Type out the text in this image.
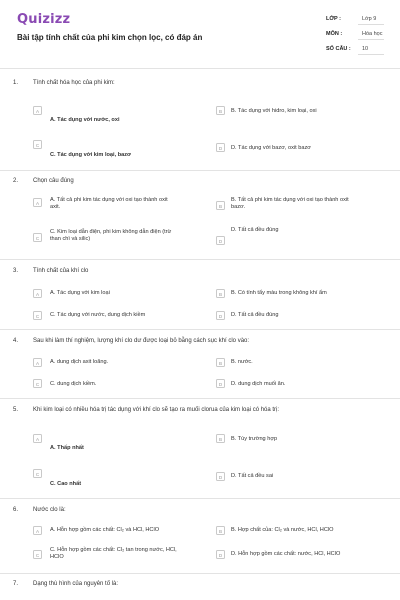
Quizizz
Bài tập tính chất của phi kim chọn lọc, có đáp án
LỚP :	Lớp 9
MÔN :	Hóa học
SỐ CÂU : 10
1. Tính chất hóa học của phi kim:
A
A. Tác dụng với nước, oxi
B	B. Tác dụng với hidro, kim loại, oxi
C
C. Tác dụng với kim loại, bazơ
D	D. Tác dụng với bazơ, oxit bazơ
2. Chọn câu đúng
A
A. Tất cả phi kim tác dụng với oxi tạo thành oxit
axit.	B
B. Tất cả phi kim tác dụng với oxi tạo thành oxit
bazơ.
C
C. Kim loại dẫn điện, phi kim không dẫn điện (trừ
than chì và silic)	D
D. Tất cả đều đúng
3. Tính chất của khí clo
A	A. Tác dụng với kim loại	B	B. Có tính tẩy màu trong không khí ẩm
C	C. Tác dụng với nước, dung dịch kiềm	D	D. Tất cả đều đúng
4. Sau khi làm thí nghiệm, lượng khí clo dư được loại bỏ bằng cách sục khí clo vào:
A	A. dung dịch axit loãng.	B	B. nước.
C	C. dung dịch kiềm.	D	D. dung dịch muối ăn.
5. Khi kim loại có nhiều hóa trị tác dụng với khí clo sẽ tạo ra muối clorua của kim loại có hóa trị:
A
A. Thấp nhất
B	B. Tùy trường hợp
C
C. Cao nhất
D	D. Tất cả đều sai
6. Nước clo là:
A	A. Hỗn hợp gồm các chất: Cl₂ và HCl, HClO	B	B. Hợp chất của: Cl₂ và nước, HCl, HClO
C
C. Hỗn hợp gồm các chất: Cl₂ tan trong nước, HCl,
HClO	D	D. Hỗn hợp gồm các chất: nước, HCl, HClO
7. Dạng thù hình của nguyên tố là:
